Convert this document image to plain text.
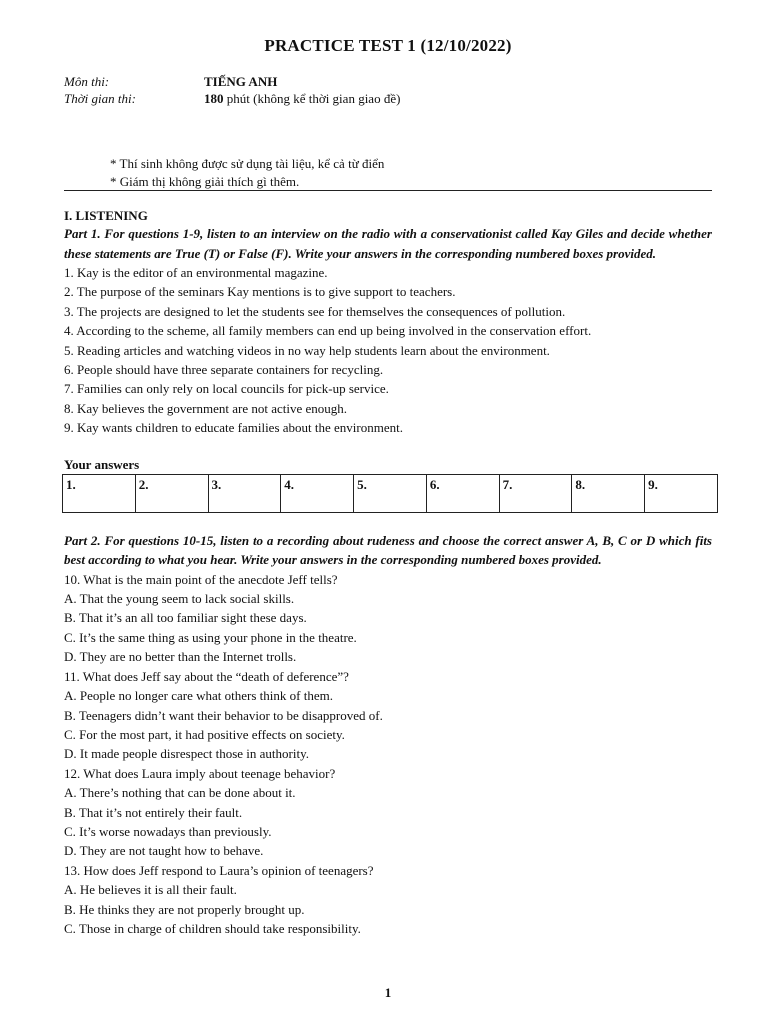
PRACTICE TEST 1 (12/10/2022)
Môn thi:	TIẾNG ANH
Thời gian thi:	180 phút (không kể thời gian giao đề)
* Thí sinh không được sử dụng tài liệu, kể cả từ điển
* Giám thị không giải thích gì thêm.
I. LISTENING
Part 1. For questions 1-9, listen to an interview on the radio with a conservationist called Kay Giles and decide whether these statements are True (T) or False (F). Write your answers in the corresponding numbered boxes provided.
1. Kay is the editor of an environmental magazine.
2. The purpose of the seminars Kay mentions is to give support to teachers.
3. The projects are designed to let the students see for themselves the consequences of pollution.
4. According to the scheme, all family members can end up being involved in the conservation effort.
5. Reading articles and watching videos in no way help students learn about the environment.
6. People should have three separate containers for recycling.
7. Families can only rely on local councils for pick-up service.
8. Kay believes the government are not active enough.
9. Kay wants children to educate families about the environment.
Your answers
1.	2.	3.	4.	5.	6.	7.	8.	9.
Part 2. For questions 10-15, listen to a recording about rudeness and choose the correct answer A, B, C or D which fits best according to what you hear. Write your answers in the corresponding numbered boxes provided.
10. What is the main point of the anecdote Jeff tells?
A. That the young seem to lack social skills.
B. That it’s an all too familiar sight these days.
C. It’s the same thing as using your phone in the theatre.
D. They are no better than the Internet trolls.
11. What does Jeff say about the “death of deference”?
A. People no longer care what others think of them.
B. Teenagers didn’t want their behavior to be disapproved of.
C. For the most part, it had positive effects on society.
D. It made people disrespect those in authority.
12. What does Laura imply about teenage behavior?
A. There’s nothing that can be done about it.
B. That it’s not entirely their fault.
C. It’s worse nowadays than previously.
D. They are not taught how to behave.
13. How does Jeff respond to Laura’s opinion of teenagers?
A. He believes it is all their fault.
B. He thinks they are not properly brought up.
C. Those in charge of children should take responsibility.
1
